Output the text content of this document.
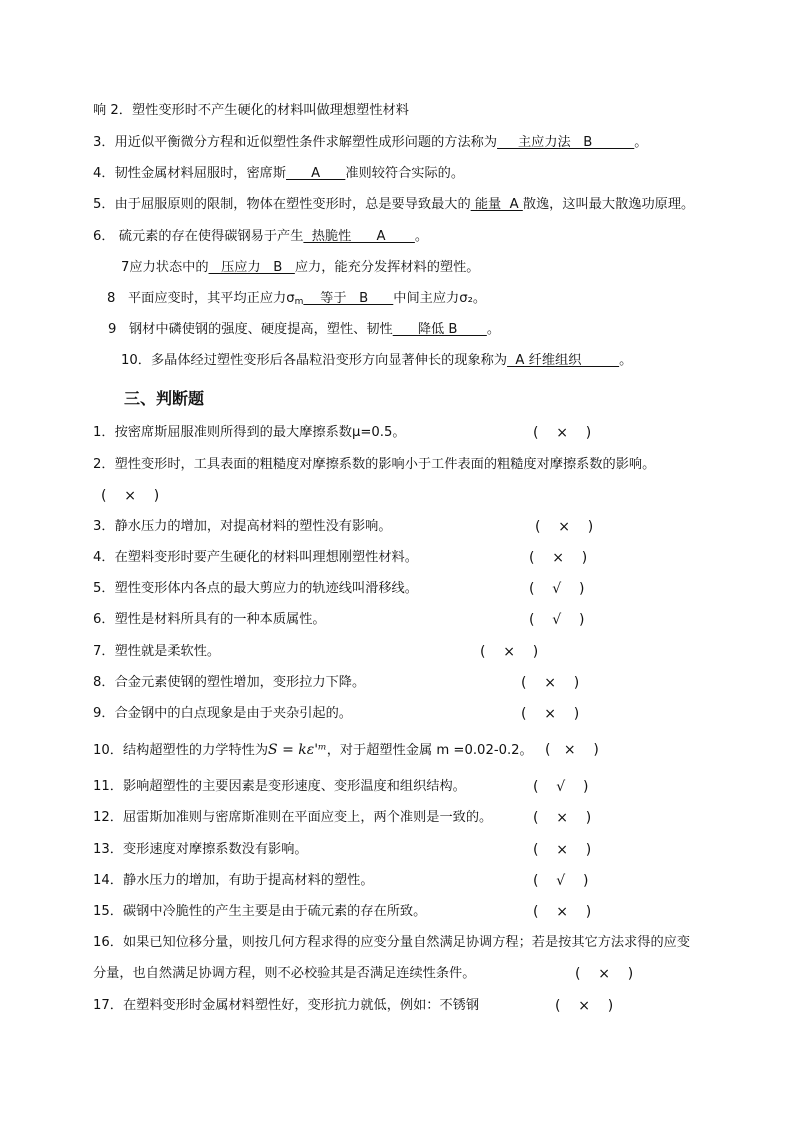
响 2．塑性变形时不产生硬化的材料叫做理想塑性材料
3．用近似平衡微分方程和近似塑性条件求解塑性成形问题的方法称为     主应力法   B          。
4．韧性金属材料屈服时，密席斯      A      准则较符合实际的。
5．由于屈服原则的限制，物体在塑性变形时，总是要导致最大的 能量  A 散逸，这叫最大散逸功原理。
6． 硫元素的存在使得碳钢易于产生  热脆性      A       。
7应力状态中的   压应力   B   应力，能充分发挥材料的塑性。
8 平面应变时，其平均正应力$\sigma_m$    等于   B      中间主应力σ₂。
9 钢材中磷使钢的强度、硬度提高，塑性、韧性      降低 B       。
10．多晶体经过塑性变形后各晶粒沿变形方向显著伸长的现象称为  A 纤维组织         。
三、判断题
1．按密席斯屈服准则所得到的最大摩擦系数μ=0.5。	(    ×    )
2．塑性变形时，工具表面的粗糙度对摩擦系数的影响小于工件表面的粗糙度对摩擦系数的影响。
(    ×    )
3．静水压力的增加，对提高材料的塑性没有影响。	(    ×    )
4．在塑料变形时要产生硬化的材料叫理想刚塑性材料。	(    ×    )
5．塑性变形体内各点的最大剪应力的轨迹线叫滑移线。	(    √    )
6．塑性是材料所具有的一种本质属性。	(    √    )
7．塑性就是柔软性。	(    ×    )
8．合金元素使钢的塑性增加，变形拉力下降。	(    ×    )
9．合金钢中的白点现象是由于夹杂引起的。	(    ×    )
10．结构超塑性的力学特性为S = kε'ᵐ，对于超塑性金属 m =0.02-0.2。 (   ×    )
11．影响超塑性的主要因素是变形速度、变形温度和组织结构。	(    √    )
12．屈雷斯加准则与密席斯准则在平面应变上，两个准则是一致的。	(    ×    )
13．变形速度对摩擦系数没有影响。	(    ×    )
14．静水压力的增加，有助于提高材料的塑性。	(    √    )
15．碳钢中冷脆性的产生主要是由于硫元素的存在所致。	(    ×    )
16．如果已知位移分量，则按几何方程求得的应变分量自然满足协调方程；若是按其它方法求得的应变
分量，也自然满足协调方程，则不必校验其是否满足连续性条件。	(    ×    )
17．在塑料变形时金属材料塑性好，变形抗力就低，例如：不锈钢	(    ×    )
